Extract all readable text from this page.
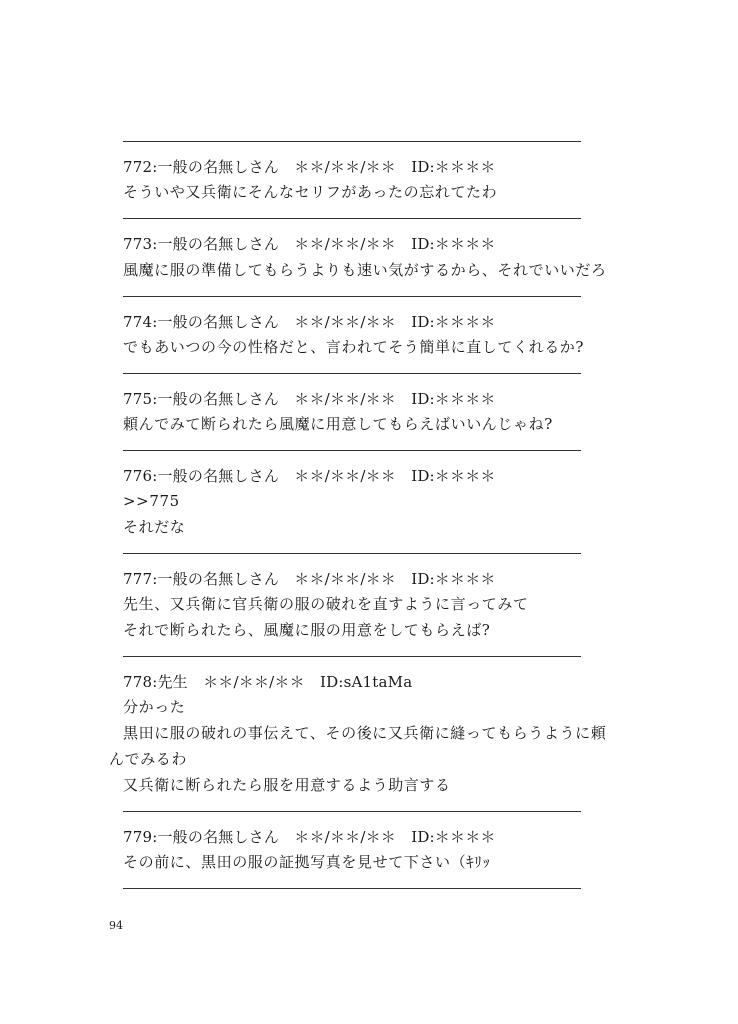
772:一般の名無しさん　＊＊/＊＊/＊＊　ID:＊＊＊＊
そういや又兵衛にそんなセリフがあったの忘れてたわ
773:一般の名無しさん　＊＊/＊＊/＊＊　ID:＊＊＊＊
風魔に服の準備してもらうよりも速い気がするから、それでいいだろ
774:一般の名無しさん　＊＊/＊＊/＊＊　ID:＊＊＊＊
でもあいつの今の性格だと、言われてそう簡単に直してくれるか?
775:一般の名無しさん　＊＊/＊＊/＊＊　ID:＊＊＊＊
頼んでみて断られたら風魔に用意してもらえばいいんじゃね?
776:一般の名無しさん　＊＊/＊＊/＊＊　ID:＊＊＊＊
>>775
それだな
777:一般の名無しさん　＊＊/＊＊/＊＊　ID:＊＊＊＊
先生、又兵衛に官兵衛の服の破れを直すように言ってみて
それで断られたら、風魔に服の用意をしてもらえば?
778:先生　＊＊/＊＊/＊＊　ID:sA1taMa
分かった
黒田に服の破れの事伝えて、その後に又兵衛に縫ってもらうように頼
んでみるわ
又兵衛に断られたら服を用意するよう助言する
779:一般の名無しさん　＊＊/＊＊/＊＊　ID:＊＊＊＊
その前に、黒田の服の証拠写真を見せて下さい（ｷﾘｯ
94
